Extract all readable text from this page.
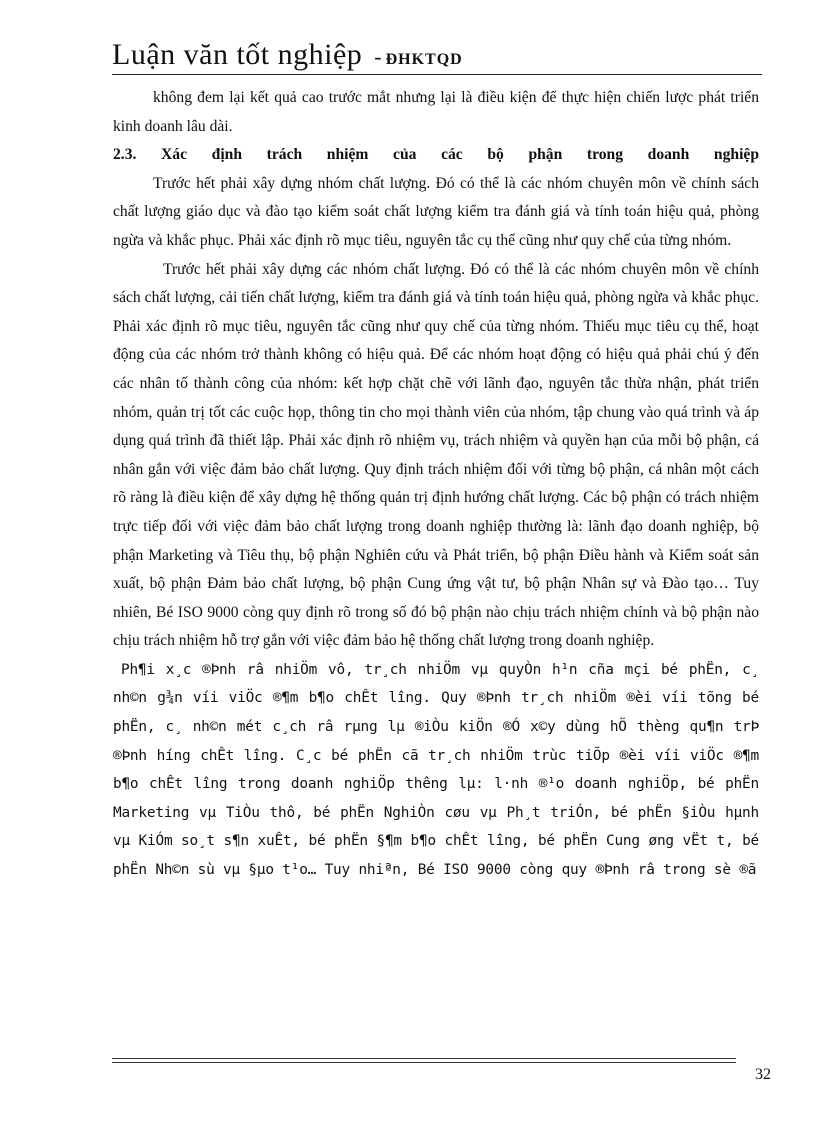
Luận văn tốt nghiệp - ĐHKTQD

không đem lại kết quả cao trước mắt nhưng lại là điều kiện để thực hiện chiến lược phát triển kinh doanh lâu dài.

2.3. Xác định trách nhiệm của các bộ phận trong doanh nghiệp

Trước hết phải xây dựng nhóm chất lượng. Đó có thể là các nhóm chuyên môn về chính sách chất lượng giáo dục và đào tạo kiểm soát chất lượng kiểm tra đánh giá và tính toán hiệu quả, phòng ngừa và khắc phục. Phải xác định rõ mục tiêu, nguyên tắc cụ thể cũng như quy chế của từng nhóm.

Trước hết phải xây dựng các nhóm chất lượng. Đó có thể là các nhóm chuyên môn về chính sách chất lượng, cải tiến chất lượng, kiểm tra đánh giá và tính toán hiệu quả, phòng ngừa và khắc phục. Phải xác định rõ mục tiêu, nguyên tắc cũng như quy chế của từng nhóm. Thiếu mục tiêu cụ thể, hoạt động của các nhóm trở thành không có hiệu quả. Để các nhóm hoạt động có hiệu quả phải chú ý đến các nhân tố thành công của nhóm: kết hợp chặt chẽ với lãnh đạo, nguyên tắc thừa nhận, phát triển nhóm, quản trị tốt các cuộc họp, thông tin cho mọi thành viên của nhóm, tập chung vào quá trình và áp dụng quá trình đã thiết lập. Phải xác định rõ nhiệm vụ, trách nhiệm và quyền hạn của mỗi bộ phận, cá nhân gắn với việc đảm bảo chất lượng. Quy định trách nhiệm đối với từng bộ phận, cá nhân một cách rõ ràng là điều kiện để xây dựng hệ thống quản trị định hướng chất lượng. Các bộ phận có trách nhiệm trực tiếp đối với việc đảm bảo chất lượng trong doanh nghiệp thường là: lãnh đạo doanh nghiệp, bộ phận Marketing và Tiêu thụ, bộ phận Nghiên cứu và Phát triển, bộ phận Điều hành và Kiểm soát sản xuất, bộ phận Đảm bảo chất lượng, bộ phận Cung ứng vật tư, bộ phận Nhân sự và Đào tạo… Tuy nhiên, Bé ISO 9000 còng quy định rõ trong số đó bộ phận nào chịu trách nhiệm chính và bộ phận nào chịu trách nhiệm hỗ trợ gắn với việc đảm bảo hệ thống chất lượng trong doanh nghiệp.

Ph¶i x¸c ®Þnh râ nhiÖm vô, tr¸ch nhiÖm vµ quyÒn h¹n cña mçi bé phËn, c¸ nh©n g¾n víi viÖc ®¶m b¶o chÊt lîng. Quy ®Þnh tr¸ch nhiÖm ®èi víi tõng bé phËn, c¸ nh©n mét c¸ch râ rµng lµ ®iÒu kiÖn ®Ó x©y dùng hÖ thèng qu¶n trÞ ®Þnh híng chÊt lîng. C¸c bé phËn cã tr¸ch nhiÖm trùc tiÕp ®èi víi viÖc ®¶m b¶o chÊt lîng trong doanh nghiÖp thêng lµ: l·nh ®¹o doanh nghiÖp, bé phËn Marketing vµ TiÒu thô, bé phËn NghiÒn cøu vµ Ph¸t triÓn, bé phËn §iÒu hµnh vµ KiÓm so¸t s¶n xuÊt, bé phËn §¶m b¶o chÊt lîng, bé phËn Cung øng vËt t, bé phËn Nh©n sù vµ §µo t¹o… Tuy nhiªn, Bé ISO 9000 còng quy ®Þnh râ trong sè ®ã

32
